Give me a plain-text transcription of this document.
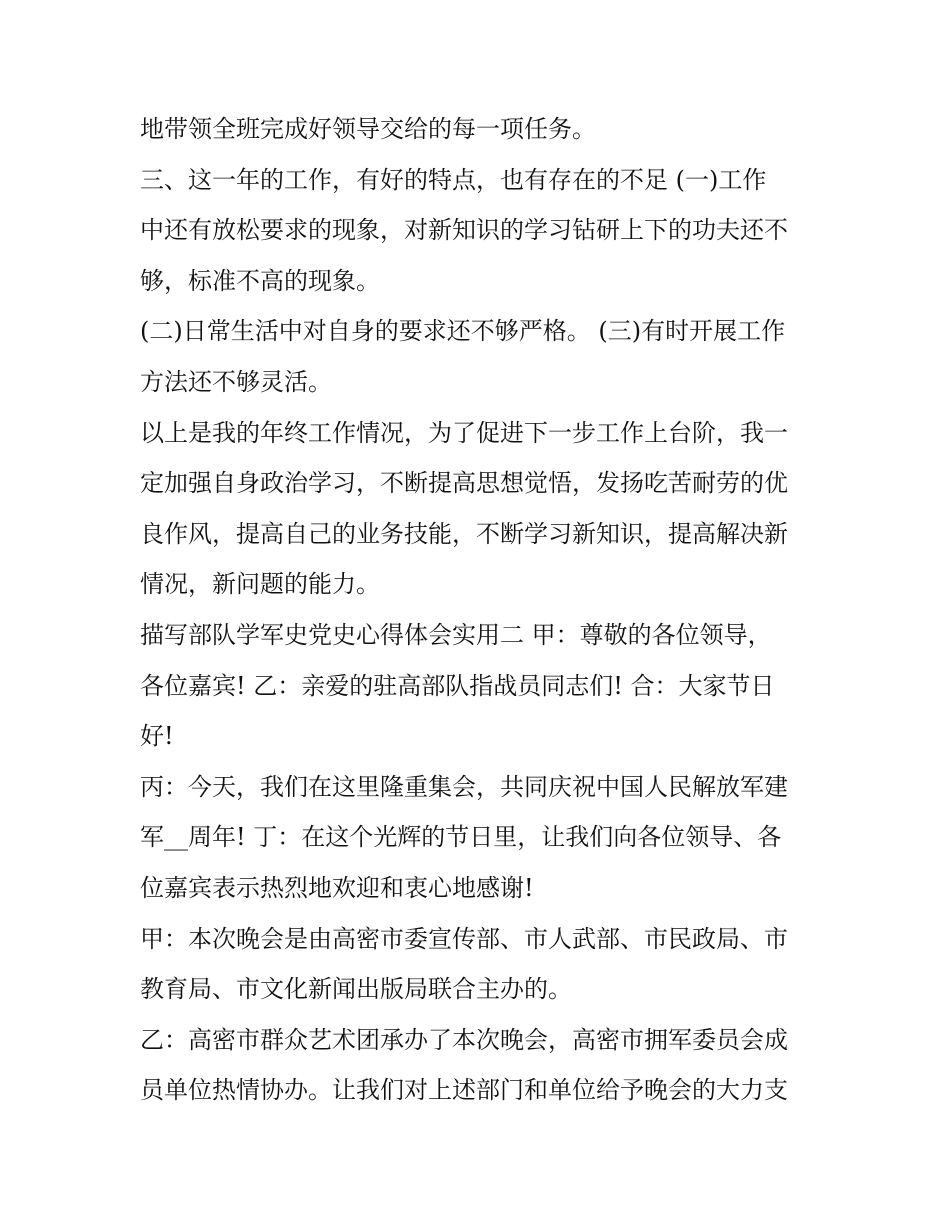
地带领全班完成好领导交给的每一项任务。
三、这一年的工作，有好的特点，也有存在的不足 (一)工作
中还有放松要求的现象，对新知识的学习钻研上下的功夫还不
够，标准不高的现象。
(二)日常生活中对自身的要求还不够严格。 (三)有时开展工作
方法还不够灵活。
以上是我的年终工作情况，为了促进下一步工作上台阶，我一
定加强自身政治学习，不断提高思想觉悟，发扬吃苦耐劳的优
良作风，提高自己的业务技能，不断学习新知识，提高解决新
情况，新问题的能力。
描写部队学军史党史心得体会实用二 甲：尊敬的各位领导，
各位嘉宾! 乙：亲爱的驻高部队指战员同志们! 合：大家节日
好!
丙：今天，我们在这里隆重集会，共同庆祝中国人民解放军建
军__周年! 丁：在这个光辉的节日里，让我们向各位领导、各
位嘉宾表示热烈地欢迎和衷心地感谢!
甲：本次晚会是由高密市委宣传部、市人武部、市民政局、市
教育局、市文化新闻出版局联合主办的。
乙：高密市群众艺术团承办了本次晚会，高密市拥军委员会成
员单位热情协办。让我们对上述部门和单位给予晚会的大力支
